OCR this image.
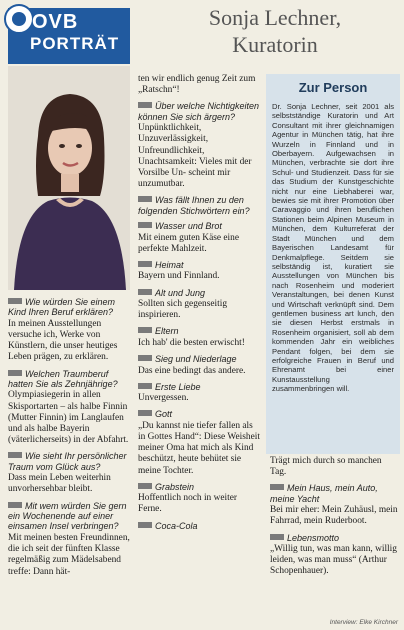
OVB
PORTRÄT
Sonja Lechner,
Kuratorin
Wie würden Sie einem Kind Ihren Beruf erklären?
In meinen Ausstellungen versuche ich, Werke von Künstlern, die unser heutiges Leben prägen, zu erklären.
Welchen Traumberuf hatten Sie als Zehnjährige?
Olympiasiegerin in allen Skisportarten – als halbe Finnin (Mutter Finnin) im Langlaufen und als halbe Bayerin (väterlicherseits) in der Abfahrt.
Wie sieht Ihr persönlicher Traum vom Glück aus?
Dass mein Leben weiterhin unvorhersehbar bleibt.
Mit wem würden Sie gern ein Wochenende auf einer einsamen Insel verbringen?
Mit meinen besten Freundinnen, die ich seit der fünften Klasse regelmäßig zum Mädelsabend treffe: Dann hät-
ten wir endlich genug Zeit zum „Ratschn“!
Über welche Nichtigkeiten können Sie sich ärgern?
Unpünktlichkeit, Unzuverlässigkeit, Unfreundlichkeit, Unachtsamkeit: Vieles mit der Vorsilbe Un- scheint mir unzumutbar.
Was fällt Ihnen zu den folgenden Stichwörtern ein?
Wasser und Brot
Mit einem guten Käse eine perfekte Mahlzeit.
Heimat
Bayern und Finnland.
Alt und Jung
Sollten sich gegenseitig inspirieren.
Eltern
Ich hab' die besten erwischt!
Sieg und Niederlage
Das eine bedingt das andere.
Erste Liebe
Unvergessen.
Gott
„Du kannst nie tiefer fallen als in Gottes Hand“: Diese Weisheit meiner Oma hat mich als Kind beschützt, heute behütet sie meine Tochter.
Grabstein
Hoffentlich noch in weiter Ferne.
Coca-Cola
Zur Person
Dr. Sonja Lechner, seit 2001 als selbstständige Kuratorin und Art Consultant mit ihrer gleichnamigen Agentur in München tätig, hat ihre Wurzeln in Finnland und in Oberbayern. Aufgewachsen in München, verbrachte sie dort ihre Schul- und Studienzeit. Dass für sie das Studium der Kunstgeschichte nicht nur eine Liebhaberei war, bewies sie mit ihrer Promotion über Caravaggio und ihren beruflichen Stationen beim Alpinen Museum in München, dem Kulturreferat der Stadt München und dem Bayerischen Landesamt für Denkmalpflege. Seitdem sie selbständig ist, kuratiert sie Ausstellungen von München bis nach Rosenheim und moderiert Veranstaltungen, bei denen Kunst und Wirtschaft verknüpft sind. Dem gentlemen business art lunch, den sie diesen Herbst erstmals in Rosenheim organisiert, soll ab dem kommenden Jahr ein weibliches Pendant folgen, bei dem sie erfolgreiche Frauen in Beruf und Ehrenamt bei einer Kunstausstellung zusammenbringen will.
Trägt mich durch so manchen Tag.
Mein Haus, mein Auto, meine Yacht
Bei mir eher: Mein Zuhäusl, mein Fahrrad, mein Ruderboot.
Lebensmotto
„Willig tun, was man kann, willig leiden, was man muss“ (Arthur Schopenhauer).
Interview: Elke Kirchner
